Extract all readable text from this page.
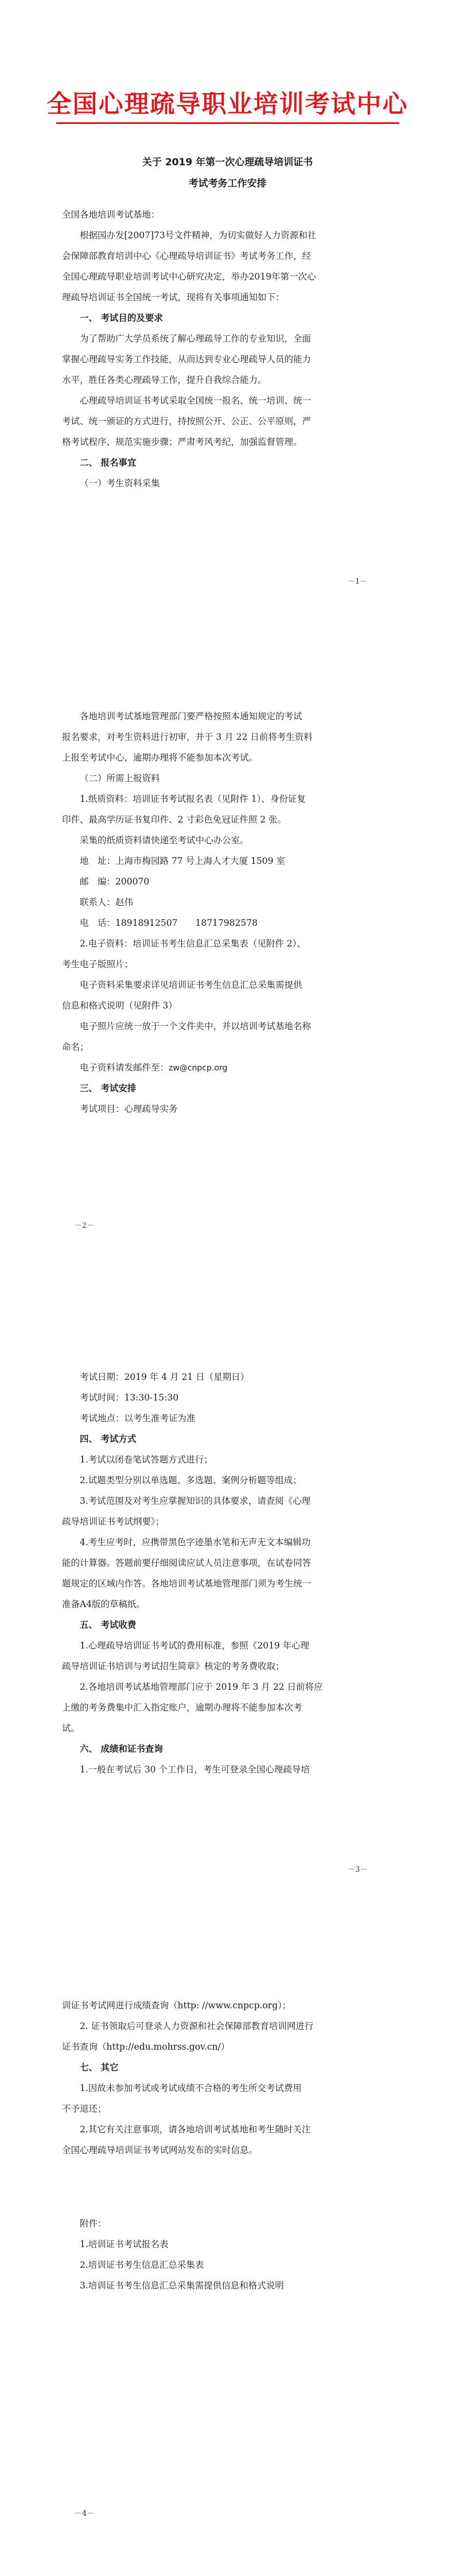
全国心理疏导职业培训考试中心
关于 2019 年第一次心理疏导培训证书
考试考务工作安排
全国各地培训考试基地：
根据国办发[2007]73号文件精神，为切实做好人力资源和社
会保障部教育培训中心《心理疏导培训证书》考试考务工作，经
全国心理疏导职业培训考试中心研究决定，举办2019年第一次心
理疏导培训证书全国统一考试，现将有关事项通知如下：
一、 考试目的及要求
为了帮助广大学员系统了解心理疏导工作的专业知识，全面
掌握心理疏导实务工作技能，从而达到专业心理疏导人员的能力
水平，胜任各类心理疏导工作，提升自我综合能力。
心理疏导培训证书考试采取全国统一报名、统一培训、统一
考试、统一颁证的方式进行，持按照公开、公正、公平原则，严
格考试程序、规范实施步骤；严肃考风考纪，加强监督管理。
二、 报名事宜
（一）考生资料采集
－1－
各地培训考试基地管理部门要严格按照本通知规定的考试
报名要求，对考生资料进行初审，并于 3 月 22 日前将考生资料
上报至考试中心，逾期办理将不能参加本次考试。
（二）所需上报资料
1.纸质资料：培训证书考试报名表（见附件 1）、身份证复
印件、最高学历证书复印件、2 寸彩色免冠证件照 2 张。
采集的纸质资料请快递至考试中心办公室。
地　址：上海市梅园路 77 号上海人才大厦 1509 室
邮　编：200070
联系人：赵伟
电　话：18918912507　　18717982578
2.电子资料：培训证书考生信息汇总采集表（见附件 2）、
考生电子版照片；
电子资料采集要求详见培训证书考生信息汇总采集需提供
信息和格式说明（见附件 3）
电子照片应统一放于一个文件夹中，并以培训考试基地名称
命名；
电子资料请发邮件至：zw@cnpcp.org
三、 考试安排
考试项目：心理疏导实务
－2－
考试日期：2019 年 4 月 21 日（星期日）
考试时间：13:30-15:30
考试地点：以考生准考证为准
四、 考试方式
1.考试以闭卷笔试答题方式进行；
2.试题类型分别以单选题、多选题、案例分析题等组成；
3.考试范围及对考生应掌握知识的具体要求，请查阅《心理
疏导培训证书考试纲要》；
4.考生应考时，应携带黑色字迹墨水笔和无声无文本编辑功
能的计算器。答题前要仔细阅读应试人员注意事项，在试卷同答
题规定的区域内作答。各地培训考试基地管理部门须为考生统一
准备A4版的草稿纸。
五、 考试收费
1.心理疏导培训证书考试的费用标准，参照《2019 年心理
疏导培训证书培训与考试招生简章》核定的考务费收取；
2.各地培训考试基地管理部门应于 2019 年 3 月 22 日前将应
上缴的考务费集中汇入指定账户，逾期办理将不能参加本次考
试。
六、 成绩和证书查询
1.一般在考试后 30 个工作日，考生可登录全国心理疏导培
－3－
训证书考试网进行成绩查询（http: //www.cnpcp.org）；
2. 证书领取后可登录人力资源和社会保障部教育培训网进行
证书查询（http://edu.mohrss.gov.cn/）
七、 其它
1.因故未参加考试或考试成绩不合格的考生所交考试费用
不予退还；
2.其它有关注意事项，请各地培训考试基地和考生随时关注
全国心理疏导培训证书考试网站发布的实时信息。
附件：
1.培训证书考试报名表
2.培训证书考生信息汇总采集表
3.培训证书考生信息汇总采集需提供信息和格式说明
－4－
